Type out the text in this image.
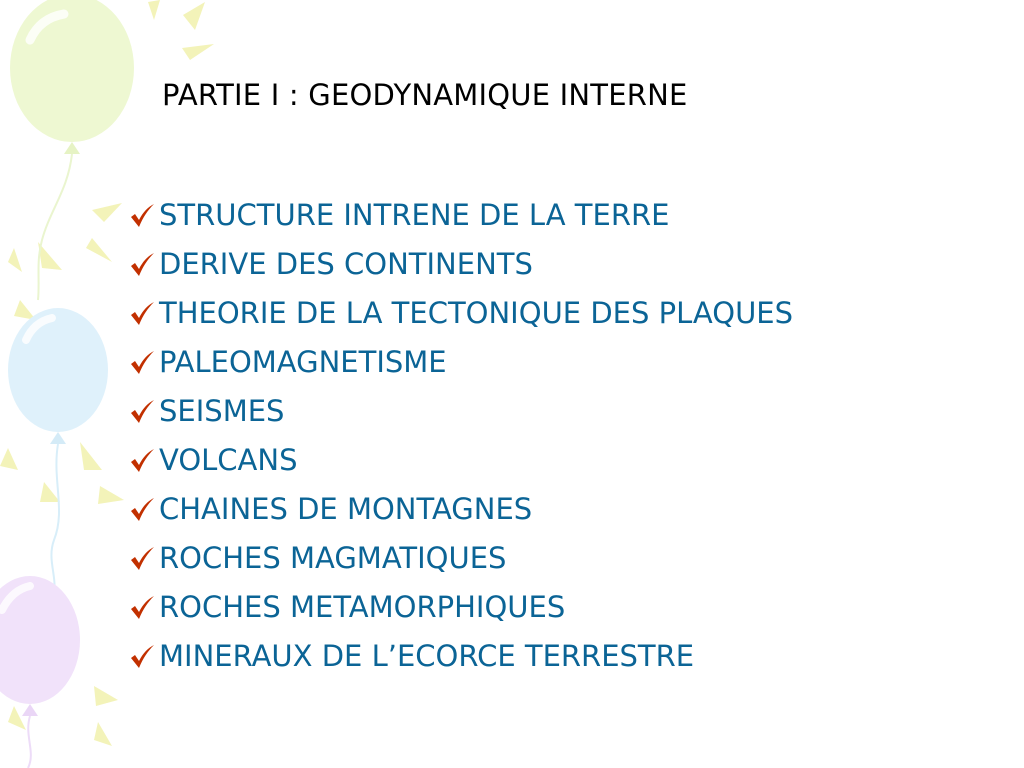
PARTIE I : GEODYNAMIQUE INTERNE
STRUCTURE INTRENE DE LA TERRE
DERIVE DES CONTINENTS
THEORIE DE LA TECTONIQUE DES PLAQUES
PALEOMAGNETISME
SEISMES
VOLCANS
CHAINES DE MONTAGNES
ROCHES MAGMATIQUES
ROCHES METAMORPHIQUES
MINERAUX DE L’ECORCE TERRESTRE
